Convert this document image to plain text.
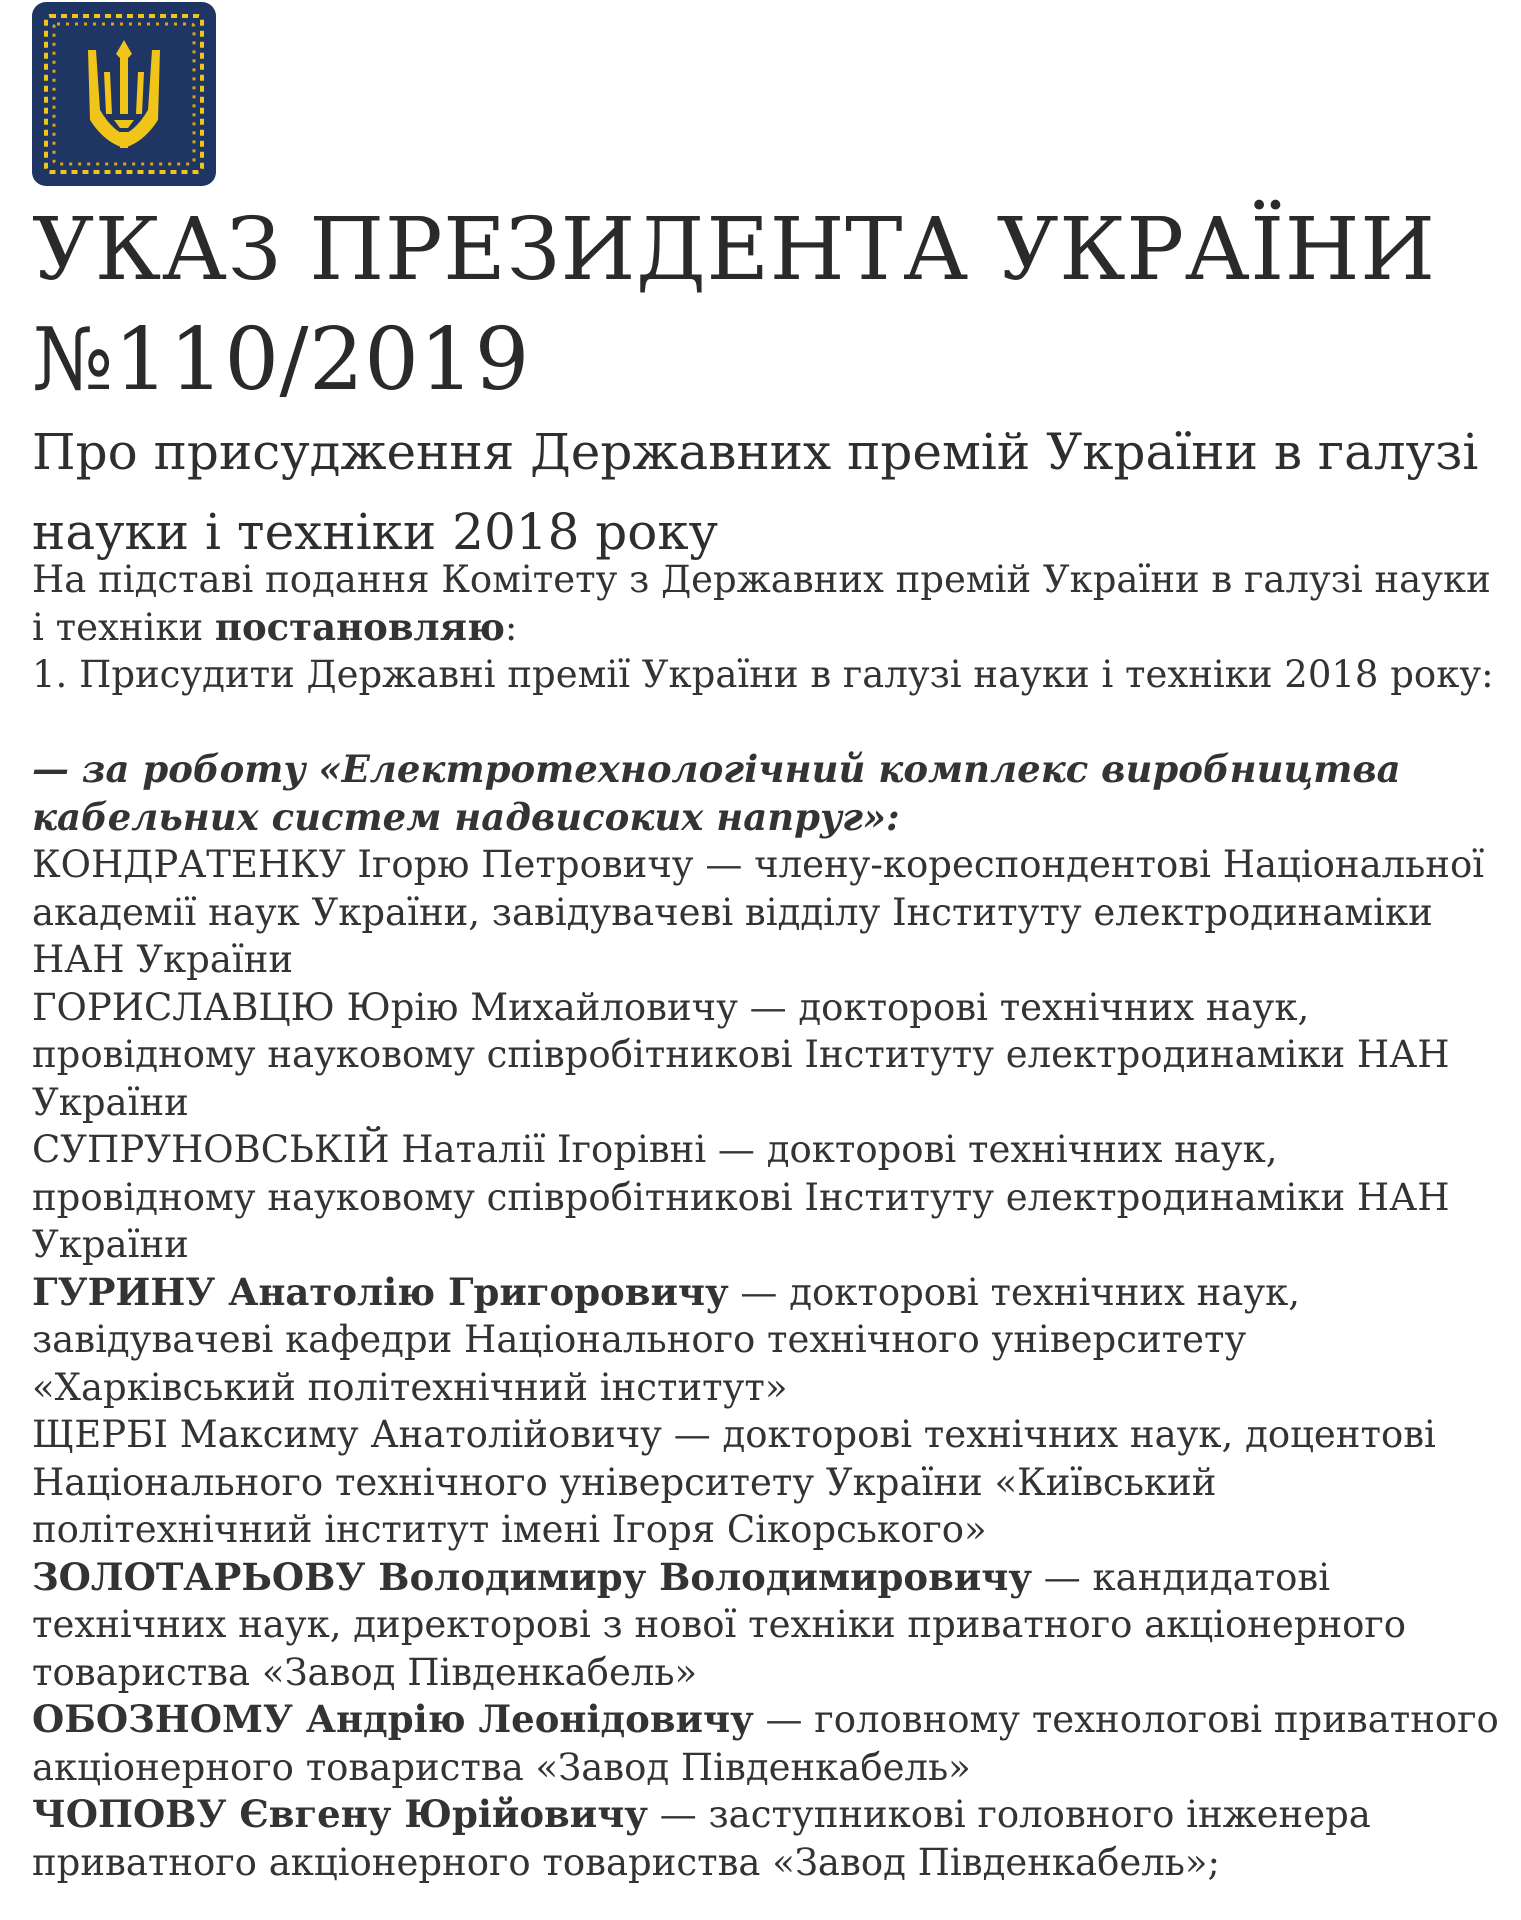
УКАЗ ПРЕЗИДЕНТА УКРАЇНИ
№110/2019
Про присудження Державних премій України в галузі науки і техніки 2018 року

На підставі подання Комітету з Державних премій України в галузі науки і техніки постановляю:

1. Присудити Державні премії України в галузі науки і техніки 2018 року:

— за роботу «Електротехнологічний комплекс виробництва кабельних систем надвисоких напруг»:

КОНДРАТЕНКУ Ігорю Петровичу — члену-кореспондентові Національної академії наук України, завідувачеві відділу Інституту електродинаміки НАН України

ГОРИСЛАВЦЮ Юрію Михайловичу — докторові технічних наук, провідному науковому співробітникові Інституту електродинаміки НАН України

СУПРУНОВСЬКІЙ Наталії Ігорівні — докторові технічних наук, провідному науковому співробітникові Інституту електродинаміки НАН України

ГУРИНУ Анатолію Григоровичу — докторові технічних наук, завідувачеві кафедри Національного технічного університету «Харківський політехнічний інститут»

ЩЕРБІ Максиму Анатолійовичу — докторові технічних наук, доцентові Національного технічного університету України «Київський політехнічний інститут імені Ігоря Сікорського»

ЗОЛОТАРЬОВУ Володимиру Володимировичу — кандидатові технічних наук, директорові з нової техніки приватного акціонерного товариства «Завод Південкабель»

ОБОЗНОМУ Андрію Леонідовичу — головному технологові приватного акціонерного товариства «Завод Південкабель»

ЧОПОВУ Євгену Юрійовичу — заступникові головного інженера приватного акціонерного товариства «Завод Південкабель»;
